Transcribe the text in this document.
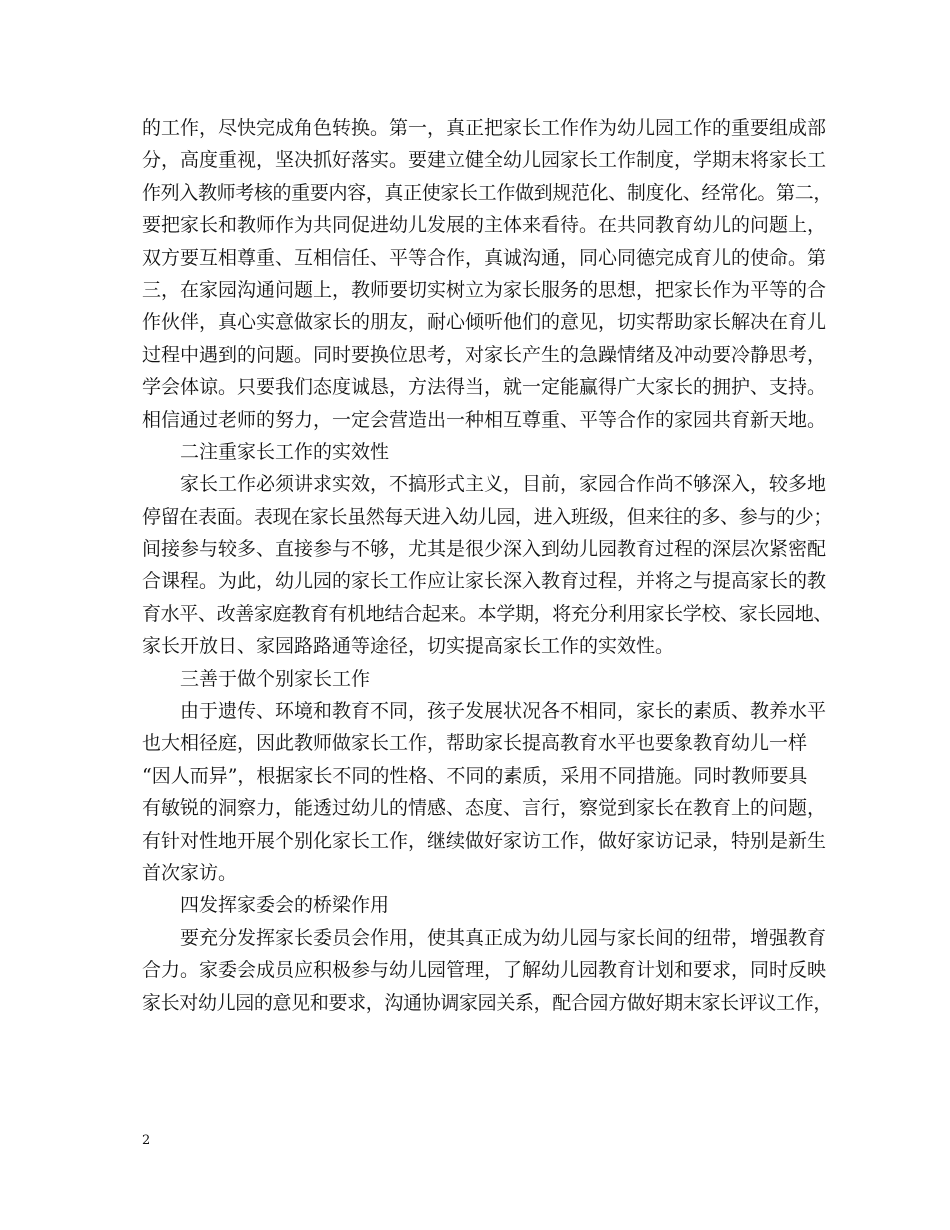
的工作，尽快完成角色转换。第一，真正把家长工作作为幼儿园工作的重要组成部
分，高度重视，坚决抓好落实。要建立健全幼儿园家长工作制度，学期末将家长工
作列入教师考核的重要内容，真正使家长工作做到规范化、制度化、经常化。第二，
要把家长和教师作为共同促进幼儿发展的主体来看待。在共同教育幼儿的问题上，
双方要互相尊重、互相信任、平等合作，真诚沟通，同心同德完成育儿的使命。第
三，在家园沟通问题上，教师要切实树立为家长服务的思想，把家长作为平等的合
作伙伴，真心实意做家长的朋友，耐心倾听他们的意见，切实帮助家长解决在育儿
过程中遇到的问题。同时要换位思考，对家长产生的急躁情绪及冲动要冷静思考，
学会体谅。只要我们态度诚恳，方法得当，就一定能赢得广大家长的拥护、支持。
相信通过老师的努力，一定会营造出一种相互尊重、平等合作的家园共育新天地。
二注重家长工作的实效性
家长工作必须讲求实效，不搞形式主义，目前，家园合作尚不够深入，较多地
停留在表面。表现在家长虽然每天进入幼儿园，进入班级，但来往的多、参与的少；
间接参与较多、直接参与不够，尤其是很少深入到幼儿园教育过程的深层次紧密配
合课程。为此，幼儿园的家长工作应让家长深入教育过程，并将之与提高家长的教
育水平、改善家庭教育有机地结合起来。本学期，将充分利用家长学校、家长园地、
家长开放日、家园路路通等途径，切实提高家长工作的实效性。
三善于做个别家长工作
由于遗传、环境和教育不同，孩子发展状况各不相同，家长的素质、教养水平
也大相径庭，因此教师做家长工作，帮助家长提高教育水平也要象教育幼儿一样
“因人而异”，根据家长不同的性格、不同的素质，采用不同措施。同时教师要具
有敏锐的洞察力，能透过幼儿的情感、态度、言行，察觉到家长在教育上的问题，
有针对性地开展个别化家长工作，继续做好家访工作，做好家访记录，特别是新生
首次家访。
四发挥家委会的桥梁作用
要充分发挥家长委员会作用，使其真正成为幼儿园与家长间的纽带，增强教育
合力。家委会成员应积极参与幼儿园管理，了解幼儿园教育计划和要求，同时反映
家长对幼儿园的意见和要求，沟通协调家园关系，配合园方做好期末家长评议工作，
2
